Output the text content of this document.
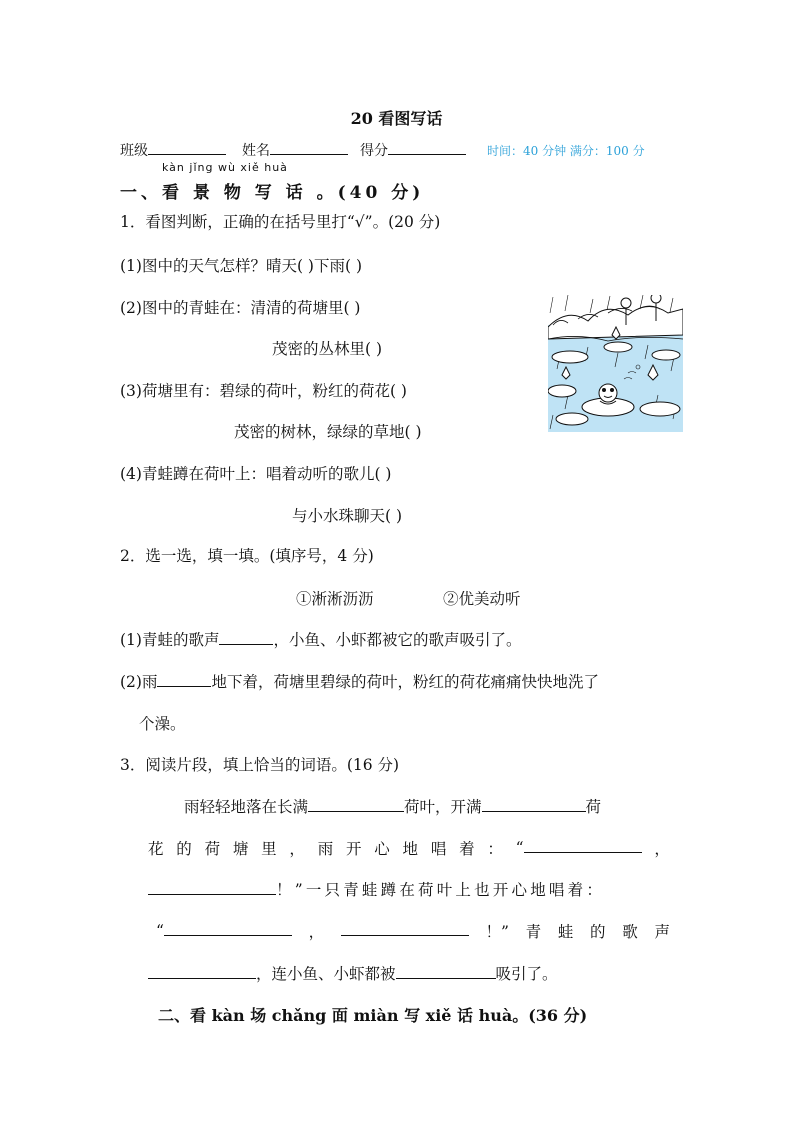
20 看图写话
班级	姓名	得分	时间：40 分钟 满分：100 分
kàn jǐng wù xiě huà
一、看 景 物 写 话 。(40 分)
1．看图判断，正确的在括号里打“√”。(20 分)
(1)图中的天气怎样？晴天( )下雨( )
(2)图中的青蛙在：清清的荷塘里( )
茂密的丛林里( )
(3)荷塘里有：碧绿的荷叶，粉红的荷花( )
茂密的树林，绿绿的草地( )
(4)青蛙蹲在荷叶上：唱着动听的歌儿( )
与小水珠聊天( )
2．选一选，填一填。(填序号，4 分)
①淅淅沥沥	②优美动听
(1)青蛙的歌声	，小鱼、小虾都被它的歌声吸引了。
(2)雨	地下着，荷塘里碧绿的荷叶，粉红的荷花痛痛快快地洗了
个澡。
3．阅读片段，填上恰当的词语。(16 分)
雨轻轻地落在长满	荷叶，开满	荷
花 的 荷 塘 里 ， 雨 开 心 地 唱 着 ： “	，
！”一只青蛙蹲在荷叶上也开心地唱着：
“	，	！” 青 蛙 的 歌 声
，连小鱼、小虾都被	吸引了。
二、看 kàn 场 chǎng 面 miàn 写 xiě 话 huà。(36 分)
